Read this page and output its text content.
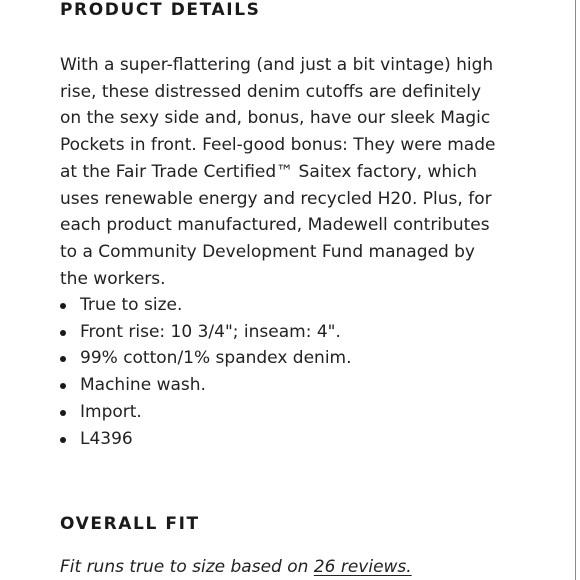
PRODUCT DETAILS

With a super-flattering (and just a bit vintage) high rise, these distressed denim cutoffs are definitely on the sexy side and, bonus, have our sleek Magic Pockets in front. Feel-good bonus: They were made at the Fair Trade Certified™ Saitex factory, which uses renewable energy and recycled H20. Plus, for each product manufactured, Madewell contributes to a Community Development Fund managed by the workers.

True to size.
Front rise: 10 3/4"; inseam: 4".
99% cotton/1% spandex denim.
Machine wash.
Import.
L4396
OVERALL FIT

Fit runs true to size based on 26 reviews.
